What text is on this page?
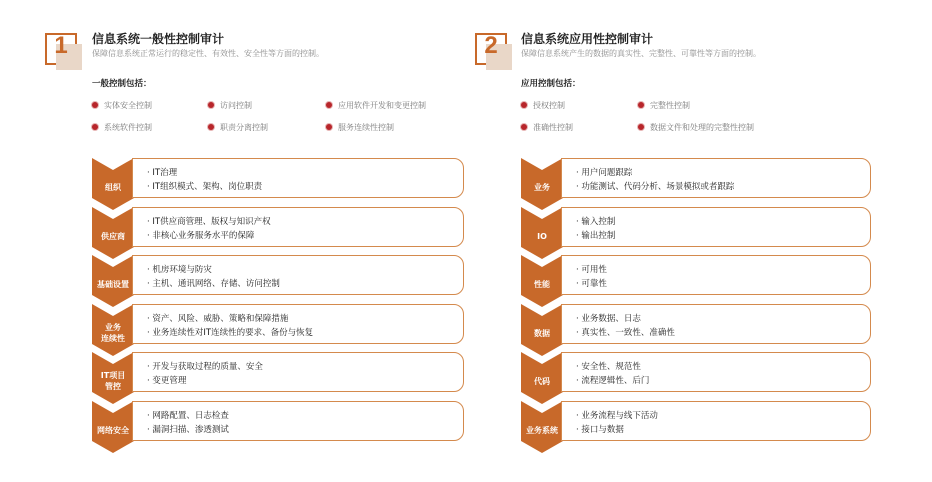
1	信息系统一般性控制审计
保障信息系统正常运行的稳定性、有效性、安全性等方面的控制。
一般控制包括：
实体安全控制	访问控制	应用软件开发和变更控制
系统软件控制	职责分离控制	服务连续性控制
组织
· IT治理
· IT组织模式、架构、岗位职责
供应商
· IT供应商管理、版权与知识产权
· 非核心业务服务水平的保障
基础设置
· 机房环境与防灾
· 主机、通讯网络、存储、访问控制
业务
连续性
· 资产、风险、威胁、策略和保障措施
· 业务连续性对IT连续性的要求、备份与恢复
IT项目
管控
· 开发与获取过程的质量、安全
· 变更管理
网络安全
· 网路配置、日志检查
· 漏洞扫描、渗透测试
2	信息系统应用性控制审计
保障信息系统产生的数据的真实性、完整性、可靠性等方面的控制。
应用控制包括：
授权控制	完整性控制
准确性控制	数据文件和处理的完整性控制
业务
· 用户问题跟踪
· 功能测试、代码分析、场景模拟或者跟踪
IO
· 输入控制
· 输出控制
性能
· 可用性
· 可靠性
数据
· 业务数据、日志
· 真实性、一致性、准确性
代码
· 安全性、规范性
· 流程逻辑性、后门
业务系统
· 业务流程与线下活动
· 接口与数据
